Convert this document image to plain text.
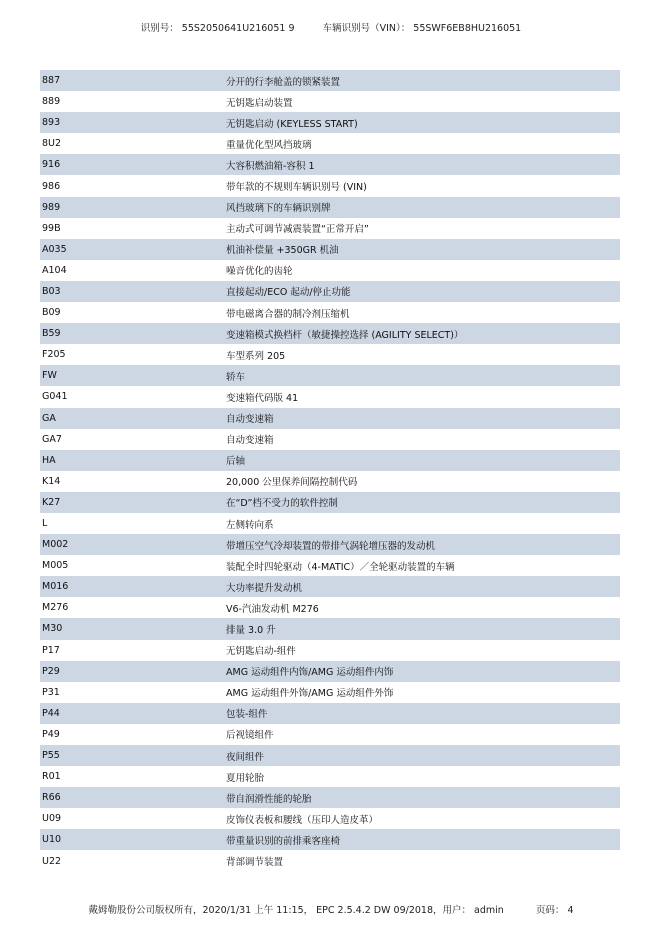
识别号： 55S2050641U216051 9	车辆识别号（VIN）： 55SWF6EB8HU216051
887	分开的行李舱盖的锁紧装置
889	无钥匙启动装置
893	无钥匙启动 (KEYLESS START)
8U2	重量优化型风挡玻璃
916	大容积燃油箱-容积 1
986	带年款的不规则车辆识别号 (VIN)
989	风挡玻璃下的车辆识别牌
99B	主动式可调节减震装置“正常开启”
A035	机油补偿量 +350GR 机油
A104	噪音优化的齿轮
B03	直接起动/ECO 起动/停止功能
B09	带电磁离合器的制冷剂压缩机
B59	变速箱模式换档杆（敏捷操控选择 (AGILITY SELECT)）
F205	车型系列 205
FW	轿车
G041	变速箱代码版 41
GA	自动变速箱
GA7	自动变速箱
HA	后轴
K14	20,000 公里保养间隔控制代码
K27	在“D”档不受力的软件控制
L	左侧转向系
M002	带增压空气冷却装置的带排气涡轮增压器的发动机
M005	装配全时四轮驱动（4-MATIC）／全轮驱动装置的车辆
M016	大功率提升发动机
M276	V6-汽油发动机 M276
M30	排量 3.0 升
P17	无钥匙启动-组件
P29	AMG 运动组件内饰/AMG 运动组件内饰
P31	AMG 运动组件外饰/AMG 运动组件外饰
P44	包装-组件
P49	后视镜组件
P55	夜间组件
R01	夏用轮胎
R66	带自润滑性能的轮胎
U09	皮饰仪表板和腰线（压印人造皮革）
U10	带重量识别的前排乘客座椅
U22	背部调节装置
戴姆勒股份公司版权所有，2020/1/31 上午 11:15， EPC 2.5.4.2 DW 09/2018，用户： admin	页码： 4
